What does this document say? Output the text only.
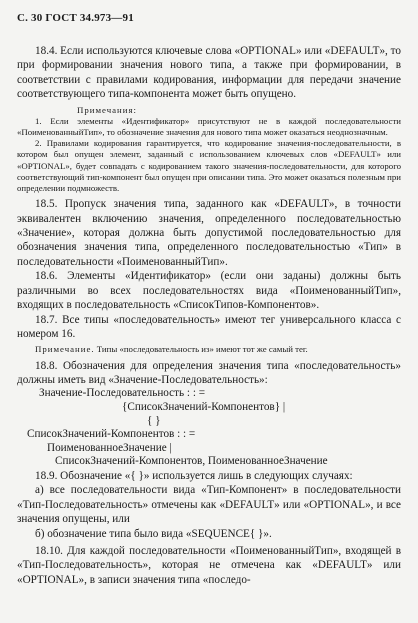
С. 30 ГОСТ 34.973—91

18.4. Если используются ключевые слова «OPTIONAL» или «DEFAULT», то при формировании значения нового типа, а также при формировании, в соответствии с правилами кодирования, информации для передачи значение соответствующего типа-компонента может быть опущено.

Примечания:

1. Если элементы «Идентификатор» присутствуют не в каждой последовательности «ПоименованныйТип», то обозначение значения для нового типа может оказаться неоднозначным.

2. Правилами кодирования гарантируется, что кодирование значения-последовательности, в котором был опущен элемент, заданный с использованием ключевых слов «DEFAULT» или «OPTIONAL», будет совпадать с кодированием такого значения-последовательности, для которого соответствующий тип-компонент был опущен при описании типа. Это может оказаться полезным при определении подмножеств.

18.5. Пропуск значения типа, заданного как «DEFAULT», в точности эквивалентен включению значения, определенного последовательностью «Значение», которая должна быть допустимой последовательностью для обозначения значения типа, определенного последовательностью «Тип» в последовательности «ПоименованныйТип».

18.6. Элементы «Идентификатор» (если они заданы) должны быть различными во всех последовательностях вида «ПоименованныйТип», входящих в последовательность «СписокТипов-Компонентов».

18.7. Все типы «последовательность» имеют тег универсального класса с номером 16.

Примечание. Типы «последовательность из» имеют тот же самый тег.

18.8. Обозначения для определения значения типа «последовательность» должны иметь вид «Значение-Последовательность»:

Значение-Последовательность : : =
{СписокЗначений-Компонентов} |
{ }
СписокЗначений-Компонентов : : =
ПоименованноеЗначение |
СписокЗначений-Компонентов, ПоименованноеЗначение

18.9. Обозначение «{ }» используется лишь в следующих случаях:

а) все последовательности вида «Тип-Компонент» в последовательности «Тип-Последовательность» отмечены как «DEFAULT» или «OPTIONAL», и все значения опущены, или

б) обозначение типа было вида «SEQUENCE{ }».

18.10. Для каждой последовательности «ПоименованныйТип», входящей в «Тип-Последовательность», которая не отмечена как «DEFAULT» или «OPTIONAL», в записи значения типа «последо-
